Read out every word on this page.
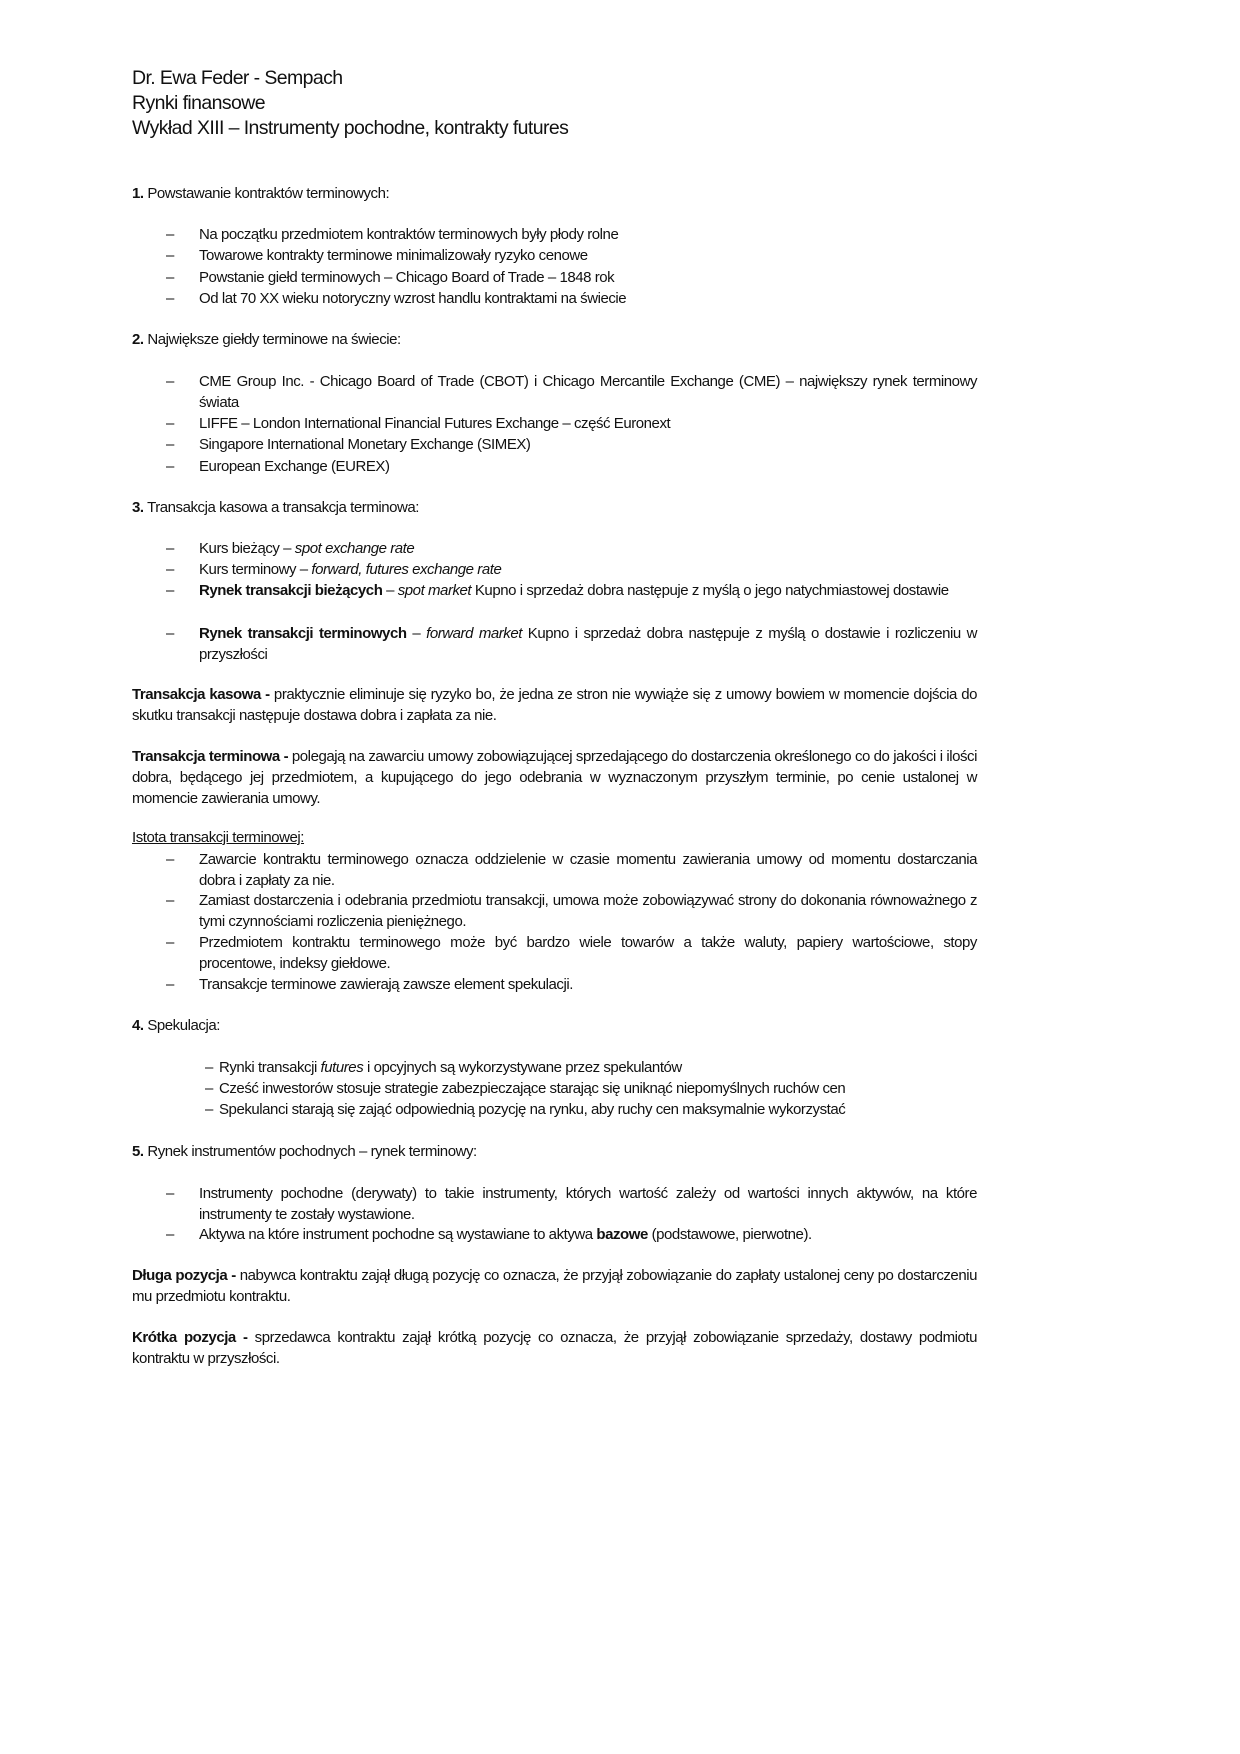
Dr. Ewa Feder - Sempach
Rynki finansowe
Wykład XIII – Instrumenty pochodne, kontrakty futures
1. Powstawanie kontraktów terminowych:
– Na początku przedmiotem kontraktów terminowych były płody rolne
– Towarowe kontrakty terminowe minimalizowały ryzyko cenowe
– Powstanie giełd terminowych – Chicago Board of Trade – 1848 rok
– Od lat 70 XX wieku notoryczny wzrost handlu kontraktami na świecie
2. Największe giełdy terminowe na świecie:
– CME Group Inc. - Chicago Board of Trade (CBOT) i Chicago Mercantile Exchange (CME) – największy rynek terminowy świata
– LIFFE – London International Financial Futures Exchange – część Euronext
– Singapore International Monetary Exchange (SIMEX)
– European Exchange (EUREX)
3. Transakcja kasowa a transakcja terminowa:
– Kurs bieżący – spot exchange rate
– Kurs terminowy – forward, futures exchange rate
– Rynek transakcji bieżących – spot market Kupno i sprzedaż dobra następuje z myślą o jego natychmiastowej dostawie
– Rynek transakcji terminowych – forward market Kupno i sprzedaż dobra następuje z myślą o dostawie i rozliczeniu w przyszłości
Transakcja kasowa - praktycznie eliminuje się ryzyko bo, że jedna ze stron nie wywiąże się z umowy bowiem w momencie dojścia do skutku transakcji następuje dostawa dobra i zapłata za nie.
Transakcja terminowa - polegają na zawarciu umowy zobowiązującej sprzedającego do dostarczenia określonego co do jakości i ilości dobra, będącego jej przedmiotem, a kupującego do jego odebrania w wyznaczonym przyszłym terminie, po cenie ustalonej w momencie zawierania umowy.
Istota transakcji terminowej:
– Zawarcie kontraktu terminowego oznacza oddzielenie w czasie momentu zawierania umowy od momentu dostarczania dobra i zapłaty za nie.
– Zamiast dostarczenia i odebrania przedmiotu transakcji, umowa może zobowiązywać strony do dokonania równoważnego z tymi czynnościami rozliczenia pieniężnego.
– Przedmiotem kontraktu terminowego może być bardzo wiele towarów a także waluty, papiery wartościowe, stopy procentowe, indeksy giełdowe.
– Transakcje terminowe zawierają zawsze element spekulacji.
4. Spekulacja:
– Rynki transakcji futures i opcyjnych są wykorzystywane przez spekulantów
– Cześć inwestorów stosuje strategie zabezpieczające starając się uniknąć niepomyślnych ruchów cen
– Spekulanci starają się zająć odpowiednią pozycję na rynku, aby ruchy cen maksymalnie wykorzystać
5. Rynek instrumentów pochodnych – rynek terminowy:
– Instrumenty pochodne (derywaty) to takie instrumenty, których wartość zależy od wartości innych aktywów, na które instrumenty te zostały wystawione.
– Aktywa na które instrument pochodne są wystawiane to aktywa bazowe (podstawowe, pierwotne).
Długa pozycja - nabywca kontraktu zajął długą pozycję co oznacza, że przyjął zobowiązanie do zapłaty ustalonej ceny po dostarczeniu mu przedmiotu kontraktu.
Krótka pozycja - sprzedawca kontraktu zajął krótką pozycję co oznacza, że przyjął zobowiązanie sprzedaży, dostawy podmiotu kontraktu w przyszłości.
